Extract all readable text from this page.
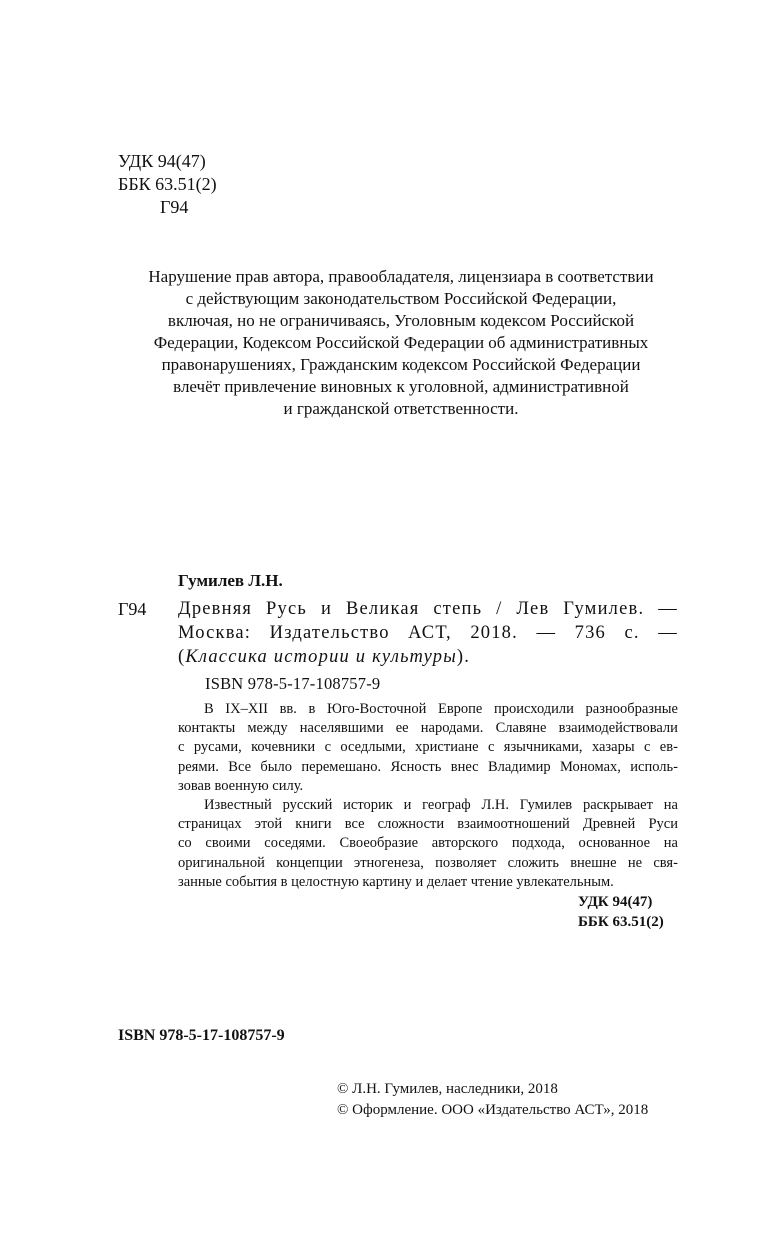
УДК 94(47)
ББК 63.51(2)
Г94
Нарушение прав автора, правообладателя, лицензиара в соответствии
с действующим законодательством Российской Федерации,
включая, но не ограничиваясь, Уголовным кодексом Российской
Федерации, Кодексом Российской Федерации об административных
правонарушениях, Гражданским кодексом Российской Федерации
влечёт привлечение виновных к уголовной, административной
и гражданской ответственности.
Гумилев Л.Н.
Г94 Древняя Русь и Великая степь / Лев Гумилев. —
Москва: Издательство АСТ, 2018. — 736 с. —
(Классика истории и культуры).
ISBN 978-5-17-108757-9
В IX–XII вв. в Юго-Восточной Европе происходили разнообразные
контакты между населявшими ее народами. Славяне взаимодействовали
с русами, кочевники с оседлыми, христиане с язычниками, хазары с ев-
реями. Все было перемешано. Ясность внес Владимир Мономах, исполь-
зовав военную силу.
Известный русский историк и географ Л.Н. Гумилев раскрывает на
страницах этой книги все сложности взаимоотношений Древней Руси
со своими соседями. Своеобразие авторского подхода, основанное на
оригинальной концепции этногенеза, позволяет сложить внешне не свя-
занные события в целостную картину и делает чтение увлекательным.
УДК 94(47)
ББК 63.51(2)
ISBN 978-5-17-108757-9
© Л.Н. Гумилев, наследники, 2018
© Оформление. ООО «Издательство АСТ», 2018
